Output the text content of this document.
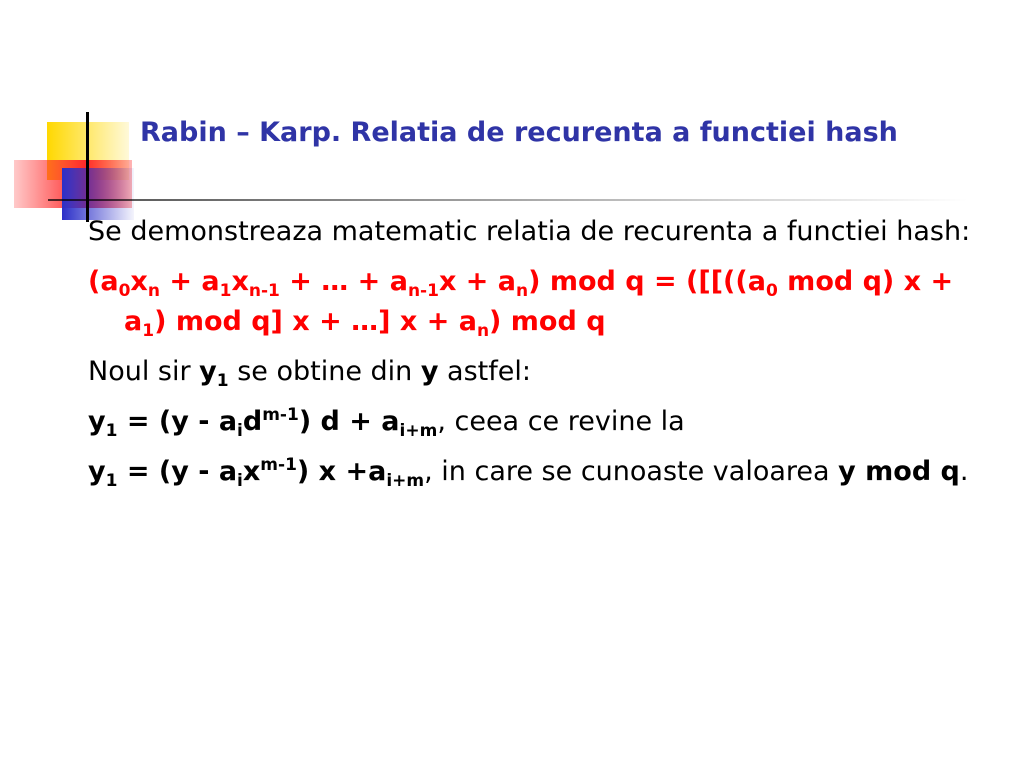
Rabin – Karp. Relatia de recurenta a functiei hash

Se demonstreaza matematic relatia de recurenta a functiei hash:

($a_0x_n + a_1x_{n-1}$ + … + $a_{n-1}x + a_n$) mod $q = ([[((a_0$ mod q) $x + a_1$) mod q] x + …] $x + a_n$) mod q

Noul sir $y_1$ se obtine din y astfel:

$y_1 = (y - a_id^{m-1}) d + a_{i+m}$, ceea ce revine la

$y_1 = (y - a_ix^{m-1})$ $x +a_{i+m}$, in care se cunoaste valoarea y mod q.
